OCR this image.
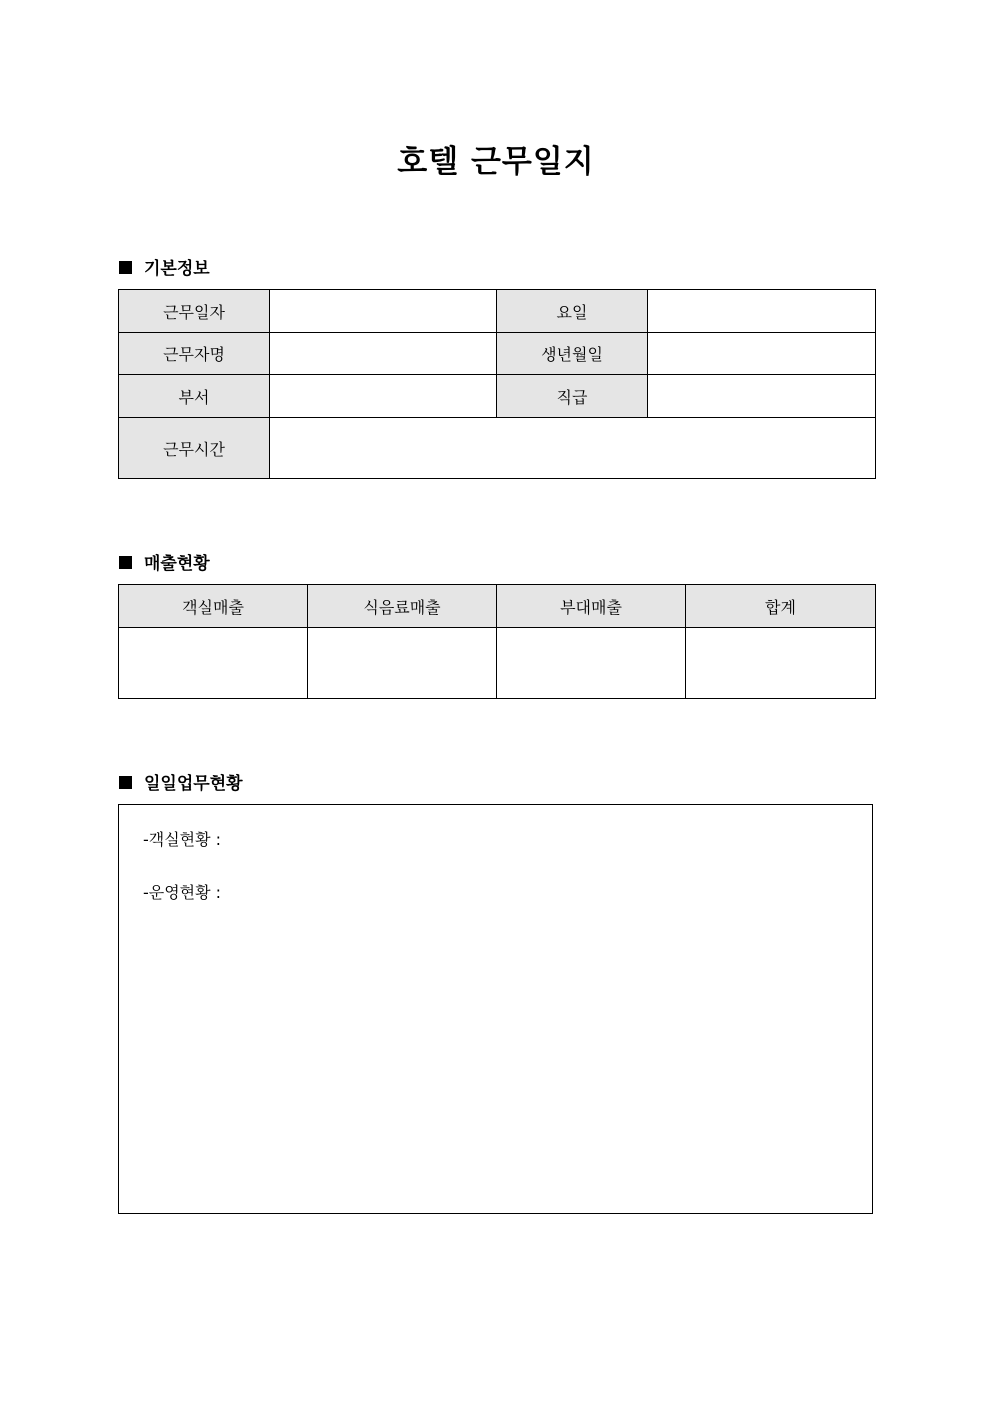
호텔 근무일지
기본정보
근무일자		요일	
근무자명		생년월일	
부서		직급	
근무시간			
매출현황
객실매출	식음료매출	부대매출	합계

일일업무현황
-객실현황 :
-운영현황 :
